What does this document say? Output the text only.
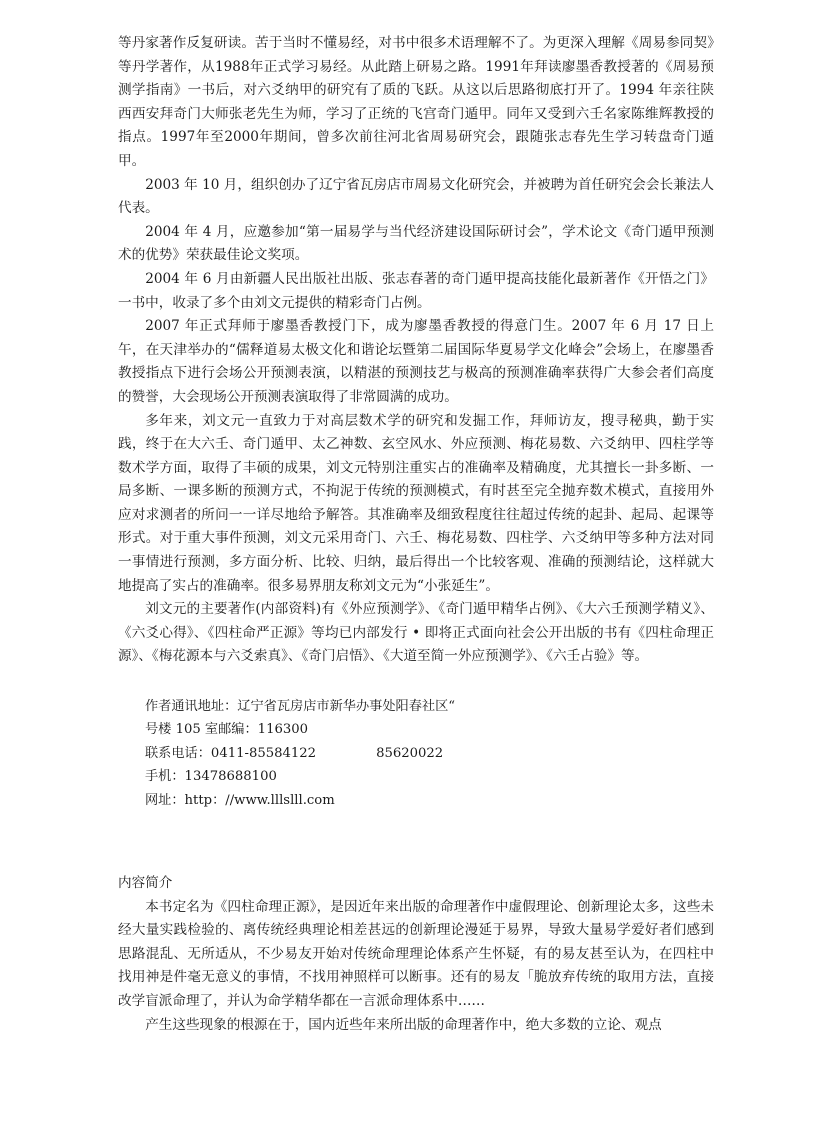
等丹家著作反复研读。苦于当时不懂易经，对书中很多术语理解不了。为更深入理解《周易参同契》等丹学著作，从1988年正式学习易经。从此踏上研易之路。1991年拜读廖墨香教授著的《周易预测学指南》一书后，对六爻纳甲的研究有了质的飞跃。从这以后思路彻底打开了。1994 年亲往陕西西安拜奇门大师张老先生为师，学习了正统的飞宫奇门遁甲。同年又受到六壬名家陈维辉教授的指点。1997年至2000年期间，曾多次前往河北省周易研究会，跟随张志春先生学习转盘奇门遁甲。

2003 年 10 月，组织创办了辽宁省瓦房店市周易文化研究会，并被聘为首任研究会会长兼法人代表。

2004 年 4 月，应邀参加“第一届易学与当代经济建设国际研讨会”，学术论文《奇门遁甲预测术的优势》荣获最佳论文奖项。

2004 年 6 月由新疆人民出版社出版、张志春著的奇门遁甲提高技能化最新著作《开悟之门》一书中，收录了多个由刘文元提供的精彩奇门占例。

2007 年正式拜师于廖墨香教授门下，成为廖墨香教授的得意门生。2007 年 6 月 17 日上午，在天津举办的“儒释道易太极文化和谐论坛暨第二届国际华夏易学文化峰会”会场上，在廖墨香教授指点下进行会场公开预测表演，以精湛的预测技艺与极高的预测准确率获得广大参会者们高度的赞誉，大会现场公开预测表演取得了非常圆满的成功。

多年来，刘文元一直致力于对高层数术学的研究和发掘工作，拜师访友，搜寻秘典，勤于实践，终于在大六壬、奇门遁甲、太乙神数、玄空风水、外应预测、梅花易数、六爻纳甲、四柱学等数术学方面，取得了丰硕的成果，刘文元特别注重实占的准确率及精确度，尤其擅长一卦多断、一局多断、一课多断的预测方式，不拘泥于传统的预测模式，有时甚至完全抛弃数术模式，直接用外应对求测者的所问一一详尽地给予解答。其准确率及细致程度往往超过传统的起卦、起局、起课等形式。对于重大事件预测，刘文元采用奇门、六壬、梅花易数、四柱学、六爻纳甲等多种方法对同一事情进行预测，多方面分析、比较、归纳，最后得出一个比较客观、准确的预测结论，这样就大地提高了实占的准确率。很多易界朋友称刘文元为“小张延生”。

刘文元的主要著作(内部资料)有《外应预测学》、《奇门遁甲精华占例》、《大六壬预测学精义》、《六爻心得》、《四柱命严正源》等均已内部发行 • 即将正式面向社会公开出版的书有《四柱命理正源》、《梅花源本与六爻索真》、《奇门启悟》、《大道至简一外应预测学》、《六壬占验》等。

作者通讯地址：辽宁省瓦房店市新华办事处阳春社区“
号楼 105 室邮编：116300
联系电话：0411-85584122	85620022
手机：13478688100
网址：http：//www.lllslll.com
内容简介

本书定名为《四柱命理正源》，是因近年来出版的命理著作中虚假理论、创新理论太多，这些未经大量实践检验的、离传统经典理论相差甚远的创新理论漫延于易界，导致大量易学爱好者们感到思路混乱、无所适从，不少易友开始对传统命理理论体系产生怀疑，有的易友甚至认为，在四柱中找用神是件毫无意义的事情，不找用神照样可以断事。还有的易友「脆放弃传统的取用方法，直接改学盲派命理了，并认为命学精华都在一言派命理体系中……

产生这些现象的根源在于，国内近些年来所出版的命理著作中，绝大多数的立论、观点
